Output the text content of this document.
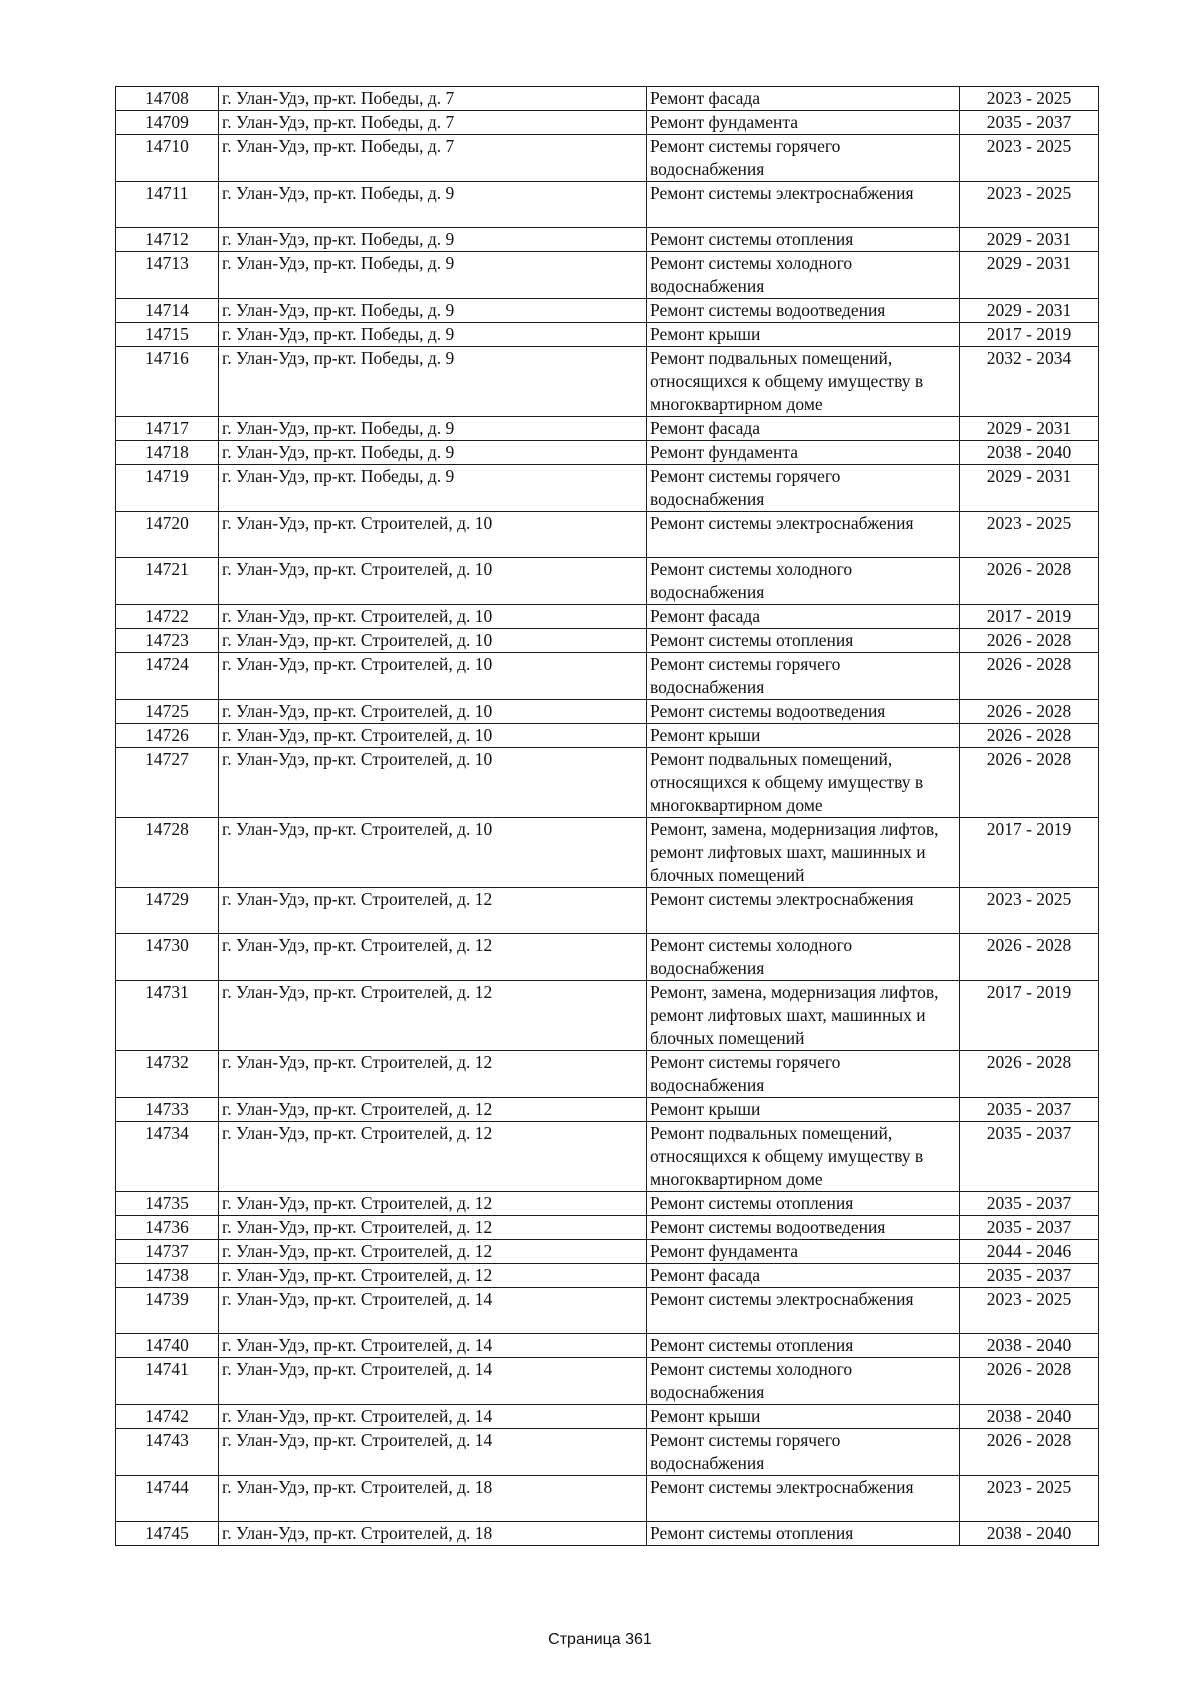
14708	г. Улан-Удэ, пр-кт. Победы, д. 7	Ремонт фасада	2023 - 2025
14709	г. Улан-Удэ, пр-кт. Победы, д. 7	Ремонт фундамента	2035 - 2037
14710	г. Улан-Удэ, пр-кт. Победы, д. 7	Ремонт системы горячего водоснабжения	2023 - 2025
14711	г. Улан-Удэ, пр-кт. Победы, д. 9	Ремонт системы электроснабжения	2023 - 2025
14712	г. Улан-Удэ, пр-кт. Победы, д. 9	Ремонт системы отопления	2029 - 2031
14713	г. Улан-Удэ, пр-кт. Победы, д. 9	Ремонт системы холодного водоснабжения	2029 - 2031
14714	г. Улан-Удэ, пр-кт. Победы, д. 9	Ремонт системы водоотведения	2029 - 2031
14715	г. Улан-Удэ, пр-кт. Победы, д. 9	Ремонт крыши	2017 - 2019
14716	г. Улан-Удэ, пр-кт. Победы, д. 9	Ремонт подвальных помещений, относящихся к общему имуществу в многоквартирном доме	2032 - 2034
14717	г. Улан-Удэ, пр-кт. Победы, д. 9	Ремонт фасада	2029 - 2031
14718	г. Улан-Удэ, пр-кт. Победы, д. 9	Ремонт фундамента	2038 - 2040
14719	г. Улан-Удэ, пр-кт. Победы, д. 9	Ремонт системы горячего водоснабжения	2029 - 2031
14720	г. Улан-Удэ, пр-кт. Строителей, д. 10	Ремонт системы электроснабжения	2023 - 2025
14721	г. Улан-Удэ, пр-кт. Строителей, д. 10	Ремонт системы холодного водоснабжения	2026 - 2028
14722	г. Улан-Удэ, пр-кт. Строителей, д. 10	Ремонт фасада	2017 - 2019
14723	г. Улан-Удэ, пр-кт. Строителей, д. 10	Ремонт системы отопления	2026 - 2028
14724	г. Улан-Удэ, пр-кт. Строителей, д. 10	Ремонт системы горячего водоснабжения	2026 - 2028
14725	г. Улан-Удэ, пр-кт. Строителей, д. 10	Ремонт системы водоотведения	2026 - 2028
14726	г. Улан-Удэ, пр-кт. Строителей, д. 10	Ремонт крыши	2026 - 2028
14727	г. Улан-Удэ, пр-кт. Строителей, д. 10	Ремонт подвальных помещений, относящихся к общему имуществу в многоквартирном доме	2026 - 2028
14728	г. Улан-Удэ, пр-кт. Строителей, д. 10	Ремонт, замена, модернизация лифтов, ремонт лифтовых шахт, машинных и блочных помещений	2017 - 2019
14729	г. Улан-Удэ, пр-кт. Строителей, д. 12	Ремонт системы электроснабжения	2023 - 2025
14730	г. Улан-Удэ, пр-кт. Строителей, д. 12	Ремонт системы холодного водоснабжения	2026 - 2028
14731	г. Улан-Удэ, пр-кт. Строителей, д. 12	Ремонт, замена, модернизация лифтов, ремонт лифтовых шахт, машинных и блочных помещений	2017 - 2019
14732	г. Улан-Удэ, пр-кт. Строителей, д. 12	Ремонт системы горячего водоснабжения	2026 - 2028
14733	г. Улан-Удэ, пр-кт. Строителей, д. 12	Ремонт крыши	2035 - 2037
14734	г. Улан-Удэ, пр-кт. Строителей, д. 12	Ремонт подвальных помещений, относящихся к общему имуществу в многоквартирном доме	2035 - 2037
14735	г. Улан-Удэ, пр-кт. Строителей, д. 12	Ремонт системы отопления	2035 - 2037
14736	г. Улан-Удэ, пр-кт. Строителей, д. 12	Ремонт системы водоотведения	2035 - 2037
14737	г. Улан-Удэ, пр-кт. Строителей, д. 12	Ремонт фундамента	2044 - 2046
14738	г. Улан-Удэ, пр-кт. Строителей, д. 12	Ремонт фасада	2035 - 2037
14739	г. Улан-Удэ, пр-кт. Строителей, д. 14	Ремонт системы электроснабжения	2023 - 2025
14740	г. Улан-Удэ, пр-кт. Строителей, д. 14	Ремонт системы отопления	2038 - 2040
14741	г. Улан-Удэ, пр-кт. Строителей, д. 14	Ремонт системы холодного водоснабжения	2026 - 2028
14742	г. Улан-Удэ, пр-кт. Строителей, д. 14	Ремонт крыши	2038 - 2040
14743	г. Улан-Удэ, пр-кт. Строителей, д. 14	Ремонт системы горячего водоснабжения	2026 - 2028
14744	г. Улан-Удэ, пр-кт. Строителей, д. 18	Ремонт системы электроснабжения	2023 - 2025
14745	г. Улан-Удэ, пр-кт. Строителей, д. 18	Ремонт системы отопления	2038 - 2040
Страница 361
